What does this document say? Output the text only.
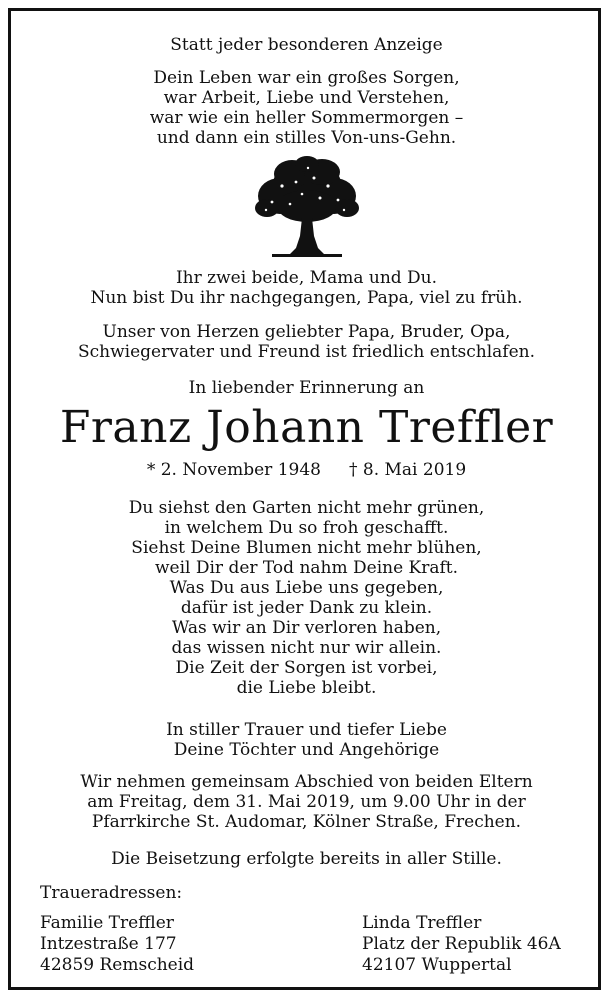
Statt jeder besonderen Anzeige
Dein Leben war ein großes Sorgen,
war Arbeit, Liebe und Verstehen,
war wie ein heller Sommermorgen –
und dann ein stilles Von-uns-Gehn.
Ihr zwei beide, Mama und Du.
Nun bist Du ihr nachgegangen, Papa, viel zu früh.
Unser von Herzen geliebter Papa, Bruder, Opa,
Schwiegervater und Freund ist friedlich entschlafen.
In liebender Erinnerung an
Franz Johann Treffler
* 2. November 1948 † 8. Mai 2019
Du siehst den Garten nicht mehr grünen,
in welchem Du so froh geschafft.
Siehst Deine Blumen nicht mehr blühen,
weil Dir der Tod nahm Deine Kraft.
Was Du aus Liebe uns gegeben,
dafür ist jeder Dank zu klein.
Was wir an Dir verloren haben,
das wissen nicht nur wir allein.
Die Zeit der Sorgen ist vorbei,
die Liebe bleibt.
In stiller Trauer und tiefer Liebe
Deine Töchter und Angehörige
Wir nehmen gemeinsam Abschied von beiden Eltern
am Freitag, dem 31. Mai 2019, um 9.00 Uhr in der
Pfarrkirche St. Audomar, Kölner Straße, Frechen.
Die Beisetzung erfolgte bereits in aller Stille.
Traueradressen:
Familie Treffler
Intzestraße 177
42859 Remscheid
Linda Treffler
Platz der Republik 46A
42107 Wuppertal
